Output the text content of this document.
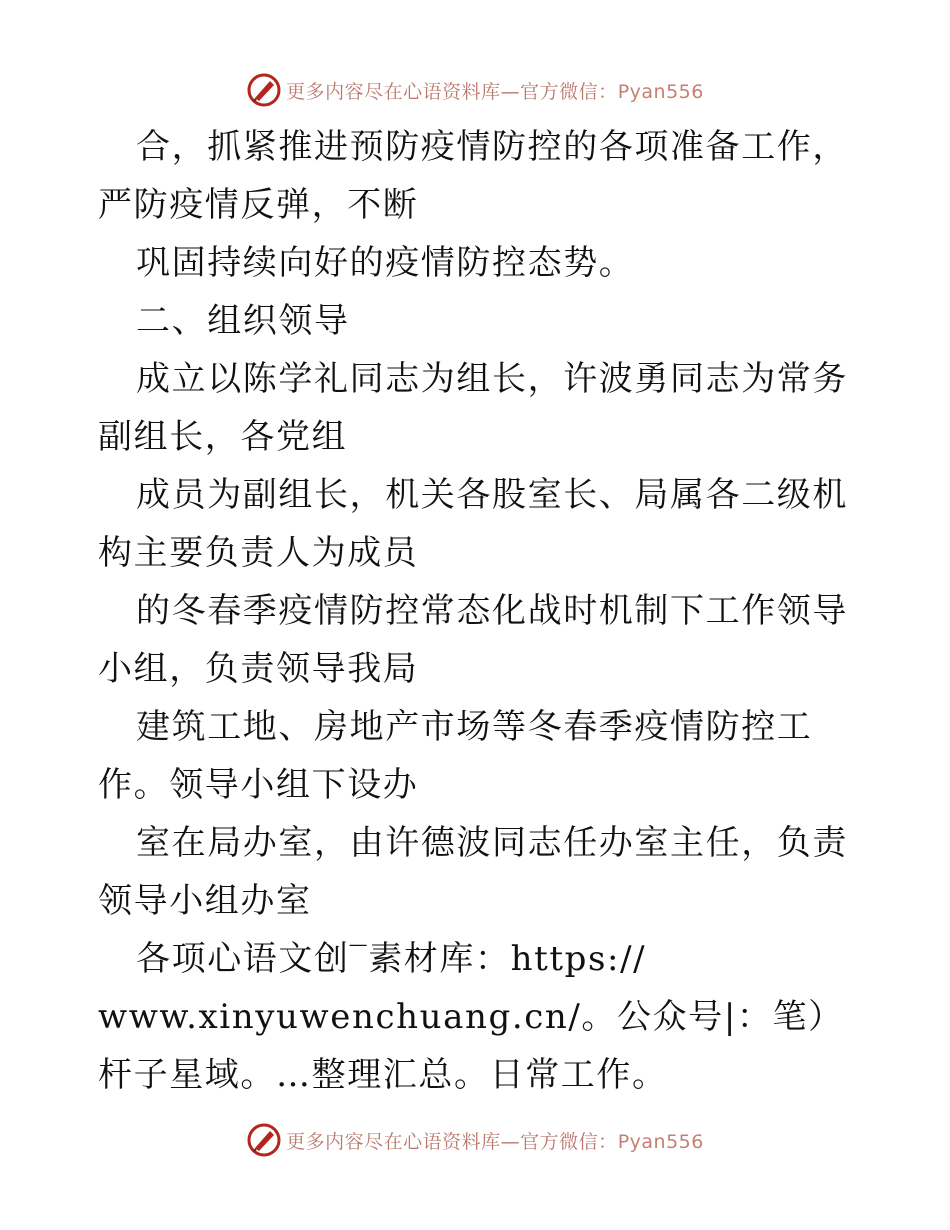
更多内容尽在心语资料库—官方微信：Pyan556

合，抓紧推进预防疫情防控的各项准备工作，严防疫情反弹，不断

巩固持续向好的疫情防控态势。

二、组织领导

成立以陈学礼同志为组长，许波勇同志为常务副组长，各党组

成员为副组长，机关各股室长、局属各二级机构主要负责人为成员

的冬春季疫情防控常态化战时机制下工作领导小组，负责领导我局

建筑工地、房地产市场等冬春季疫情防控工作。领导小组下设办

室在局办室，由许德波同志任办室主任，负责领导小组办室

各项心语文创‾素材库：https://

www.xinyuwenchuang.cn/。公众号|：笔）杆子星域。…整理汇总。日常工作。

更多内容尽在心语资料库—官方微信：Pyan556
